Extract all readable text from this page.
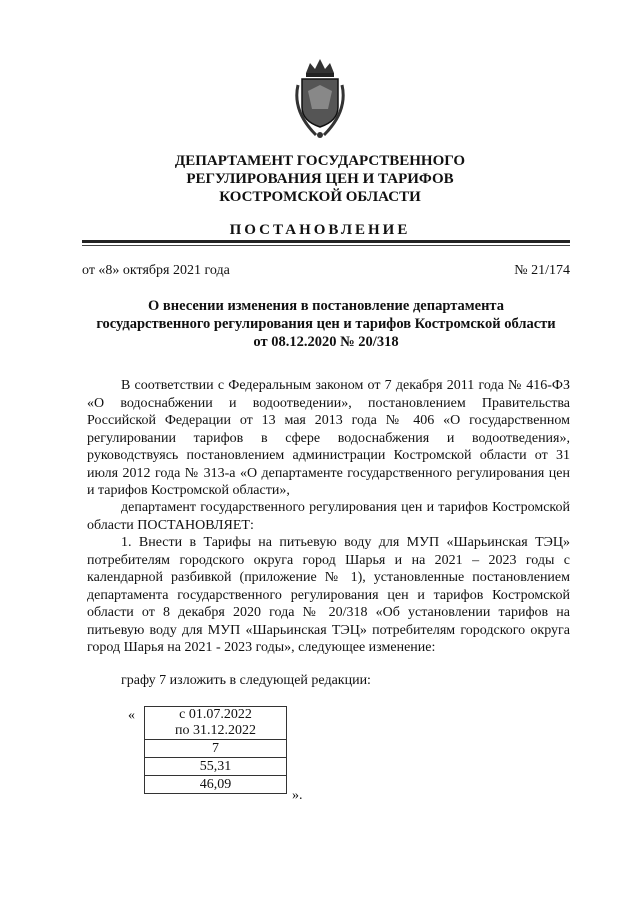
ДЕПАРТАМЕНТ ГОСУДАРСТВЕННОГО
РЕГУЛИРОВАНИЯ ЦЕН И ТАРИФОВ
КОСТРОМСКОЙ ОБЛАСТИ
ПОСТАНОВЛЕНИЕ
от «8» октября 2021 года	№ 21/174
О внесении изменения в постановление департамента
государственного регулирования цен и тарифов Костромской области
от 08.12.2020 № 20/318
В соответствии с Федеральным законом от 7 декабря 2011 года № 416-ФЗ «О водоснабжении и водоотведении», постановлением Правительства Российской Федерации от 13 мая 2013 года № 406 «О государственном регулировании тарифов в сфере водоснабжения и водоотведения», руководствуясь постановлением администрации Костромской области от 31 июля 2012 года № 313-а «О департаменте государственного регулирования цен и тарифов Костромской области»,
департамент государственного регулирования цен и тарифов Костромской области ПОСТАНОВЛЯЕТ:
1. Внести в Тарифы на питьевую воду для МУП «Шарьинская ТЭЦ» потребителям городского округа город Шарья и на 2021 – 2023 годы с календарной разбивкой (приложение № 1), установленные постановлением департамента государственного регулирования цен и тарифов Костромской области от 8 декабря 2020 года № 20/318 «Об установлении тарифов на питьевую воду для МУП «Шарьинская ТЭЦ» потребителям городского округа город Шарья на 2021 - 2023 годы», следующее изменение:
графу 7 изложить в следующей редакции:
«	с 01.07.2022
по 31.12.2022

7
55,31
46,09
».
